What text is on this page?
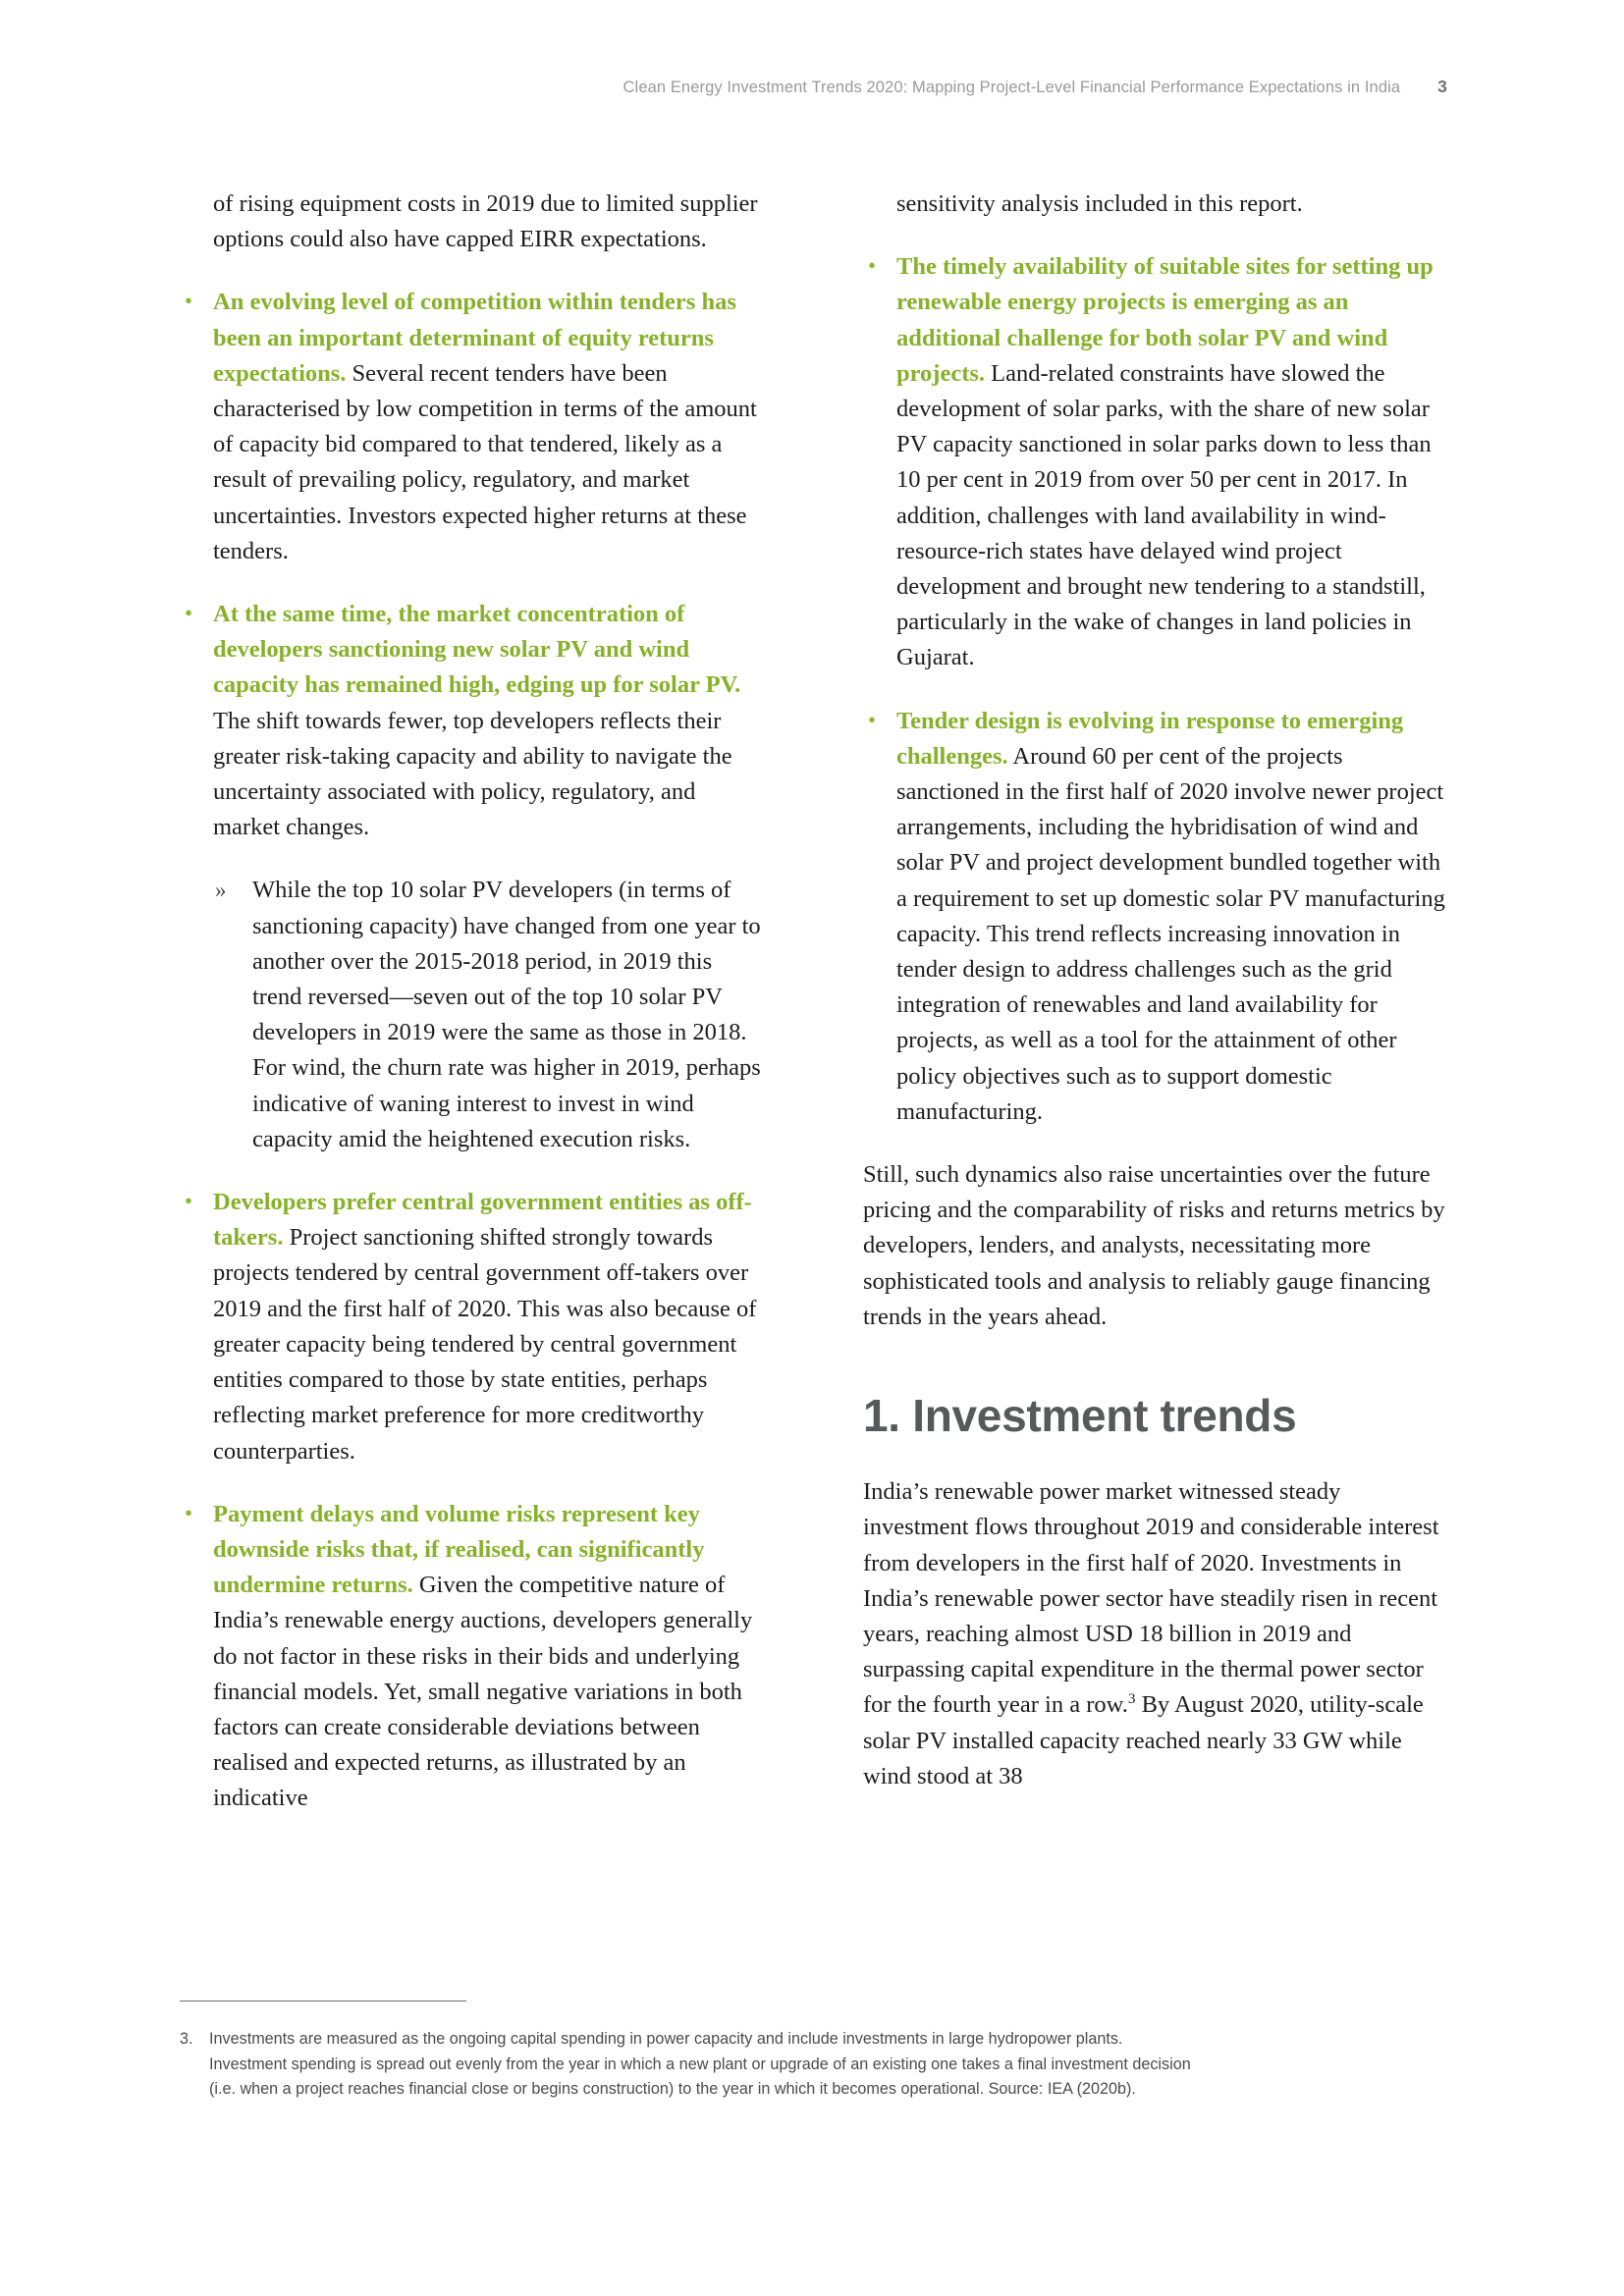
Clean Energy Investment Trends 2020: Mapping Project-Level Financial Performance Expectations in India 3

of rising equipment costs in 2019 due to limited supplier options could also have capped EIRR expectations.

• An evolving level of competition within tenders has been an important determinant of equity returns expectations. Several recent tenders have been characterised by low competition in terms of the amount of capacity bid compared to that tendered, likely as a result of prevailing policy, regulatory, and market uncertainties. Investors expected higher returns at these tenders.
• At the same time, the market concentration of developers sanctioning new solar PV and wind capacity has remained high, edging up for solar PV. The shift towards fewer, top developers reflects their greater risk-taking capacity and ability to navigate the uncertainty associated with policy, regulatory, and market changes.
» While the top 10 solar PV developers (in terms of sanctioning capacity) have changed from one year to another over the 2015-2018 period, in 2019 this trend reversed—seven out of the top 10 solar PV developers in 2019 were the same as those in 2018. For wind, the churn rate was higher in 2019, perhaps indicative of waning interest to invest in wind capacity amid the heightened execution risks.
• Developers prefer central government entities as off-takers. Project sanctioning shifted strongly towards projects tendered by central government off-takers over 2019 and the first half of 2020. This was also because of greater capacity being tendered by central government entities compared to those by state entities, perhaps reflecting market preference for more creditworthy counterparties.
• Payment delays and volume risks represent key downside risks that, if realised, can significantly undermine returns. Given the competitive nature of India’s renewable energy auctions, developers generally do not factor in these risks in their bids and underlying financial models. Yet, small negative variations in both factors can create considerable deviations between realised and expected returns, as illustrated by an indicative

sensitivity analysis included in this report.

• The timely availability of suitable sites for setting up renewable energy projects is emerging as an additional challenge for both solar PV and wind projects. Land-related constraints have slowed the development of solar parks, with the share of new solar PV capacity sanctioned in solar parks down to less than 10 per cent in 2019 from over 50 per cent in 2017. In addition, challenges with land availability in wind-resource-rich states have delayed wind project development and brought new tendering to a standstill, particularly in the wake of changes in land policies in Gujarat.
• Tender design is evolving in response to emerging challenges. Around 60 per cent of the projects sanctioned in the first half of 2020 involve newer project arrangements, including the hybridisation of wind and solar PV and project development bundled together with a requirement to set up domestic solar PV manufacturing capacity. This trend reflects increasing innovation in tender design to address challenges such as the grid integration of renewables and land availability for projects, as well as a tool for the attainment of other policy objectives such as to support domestic manufacturing.

Still, such dynamics also raise uncertainties over the future pricing and the comparability of risks and returns metrics by developers, lenders, and analysts, necessitating more sophisticated tools and analysis to reliably gauge financing trends in the years ahead.

1. Investment trends

India’s renewable power market witnessed steady investment flows throughout 2019 and considerable interest from developers in the first half of 2020. Investments in India’s renewable power sector have steadily risen in recent years, reaching almost USD 18 billion in 2019 and surpassing capital expenditure in the thermal power sector for the fourth year in a row.$^3$ By August 2020, utility-scale solar PV installed capacity reached nearly 33 GW while wind stood at 38

3.	Investments are measured as the ongoing capital spending in power capacity and include investments in large hydropower plants.
Investment spending is spread out evenly from the year in which a new plant or upgrade of an existing one takes a final investment decision
(i.e. when a project reaches financial close or begins construction) to the year in which it becomes operational. Source: IEA (2020b).
